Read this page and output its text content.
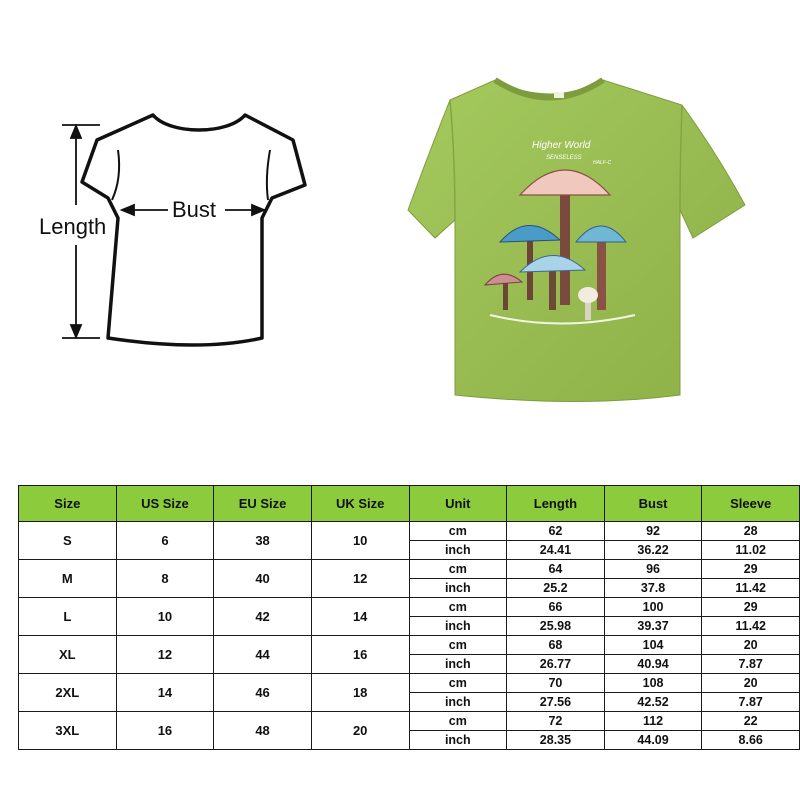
Length
Bust
Higher World
SENSELESS
HALF-C
Size	US Size	EU Size	UK Size	Unit	Length	Bust	Sleeve
S	6	38	10	cm	62	92	28
				inch	24.41	36.22	11.02
M	8	40	12	cm	64	96	29
				inch	25.2	37.8	11.42
L	10	42	14	cm	66	100	29
				inch	25.98	39.37	11.42
XL	12	44	16	cm	68	104	20
				inch	26.77	40.94	7.87
2XL	14	46	18	cm	70	108	20
				inch	27.56	42.52	7.87
3XL	16	48	20	cm	72	112	22
				inch	28.35	44.09	8.66
